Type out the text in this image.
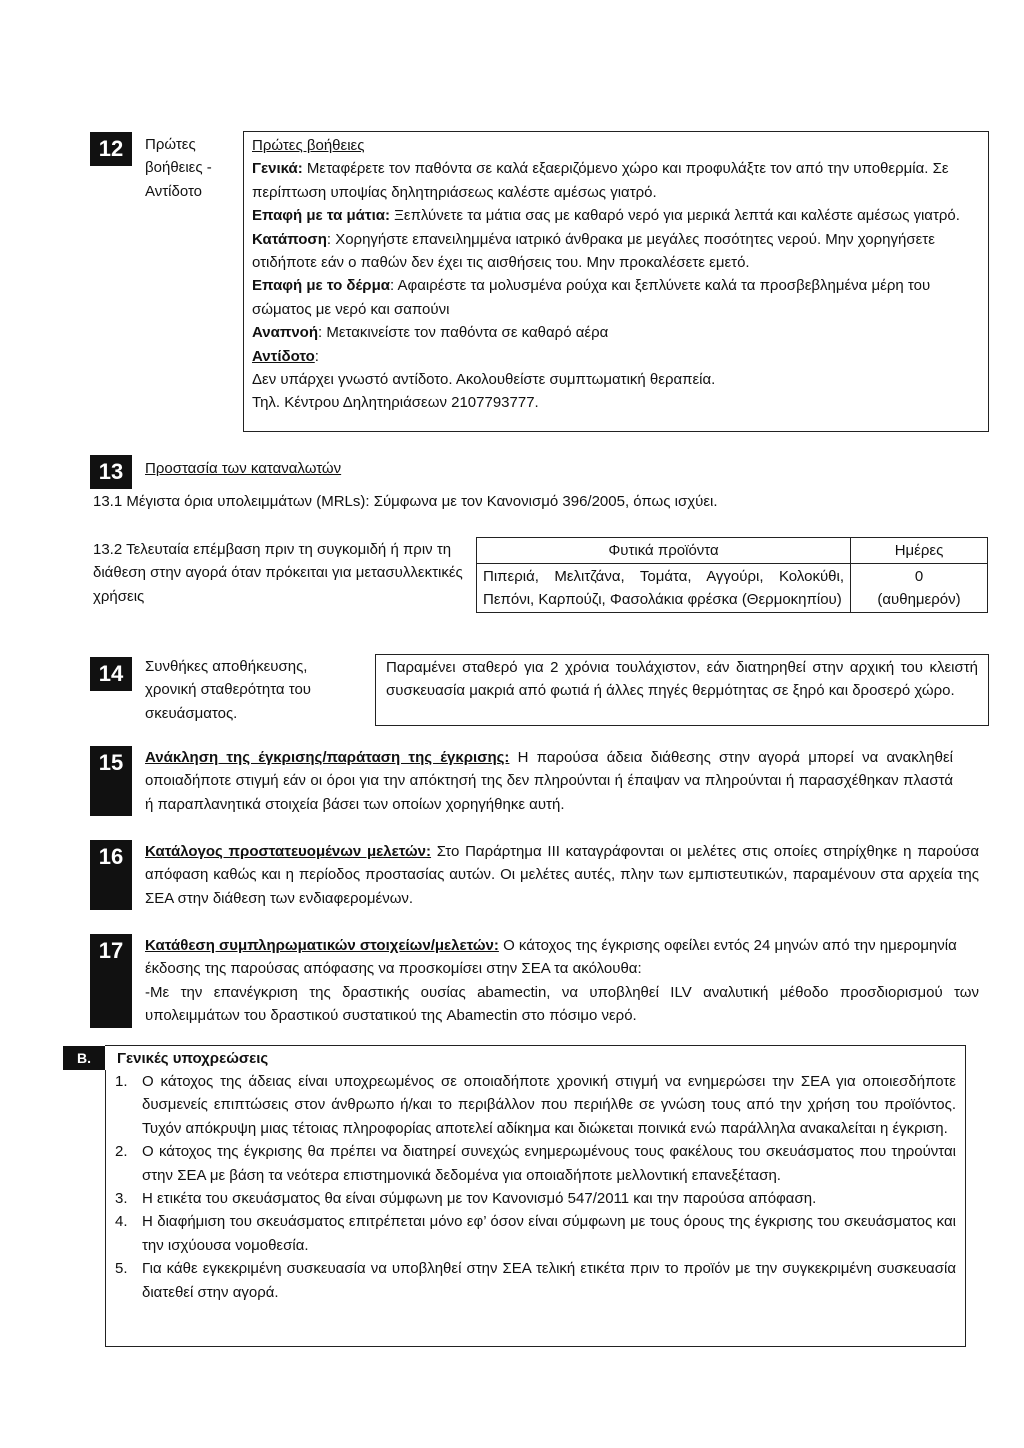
12	Πρώτες
βοήθειες -
Αντίδοτο
Πρώτες βοήθειες
Γενικά: Μεταφέρετε τον παθόντα σε καλά εξαεριζόμενο χώρο και προφυλάξτε τον από την υποθερμία. Σε περίπτωση υποψίας δηλητηριάσεως καλέστε αμέσως γιατρό.
Επαφή με τα μάτια: Ξεπλύνετε τα μάτια σας με καθαρό νερό για μερικά λεπτά και καλέστε αμέσως γιατρό.
Κατάποση: Χορηγήστε επανειλημμένα ιατρικό άνθρακα με μεγάλες ποσότητες νερού. Μην χορηγήσετε οτιδήποτε εάν ο παθών δεν έχει τις αισθήσεις του. Μην προκαλέσετε εμετό.
Επαφή με το δέρμα: Αφαιρέστε τα μολυσμένα ρούχα και ξεπλύνετε καλά τα προσβεβλημένα μέρη του σώματος με νερό και σαπούνι
Αναπνοή: Μετακινείστε τον παθόντα σε καθαρό αέρα
Αντίδοτο:
Δεν υπάρχει γνωστό αντίδοτο. Ακολουθείστε συμπτωματική θεραπεία.
Τηλ. Κέντρου Δηλητηριάσεων 2107793777.
13	Προστασία των καταναλωτών
13.1 Μέγιστα όρια υπολειμμάτων (MRLs): Σύμφωνα με τον Κανονισμό 396/2005, όπως ισχύει.
13.2 Τελευταία επέμβαση πριν τη συγκομιδή ή πριν τη διάθεση στην αγορά όταν πρόκειται για μετασυλλεκτικές χρήσεις
Φυτικά προϊόντα	Ημέρες
Πιπεριά, Μελιτζάνα, Τομάτα, Αγγούρι, Κολοκύθι, Πεπόνι, Καρπούζι, Φασολάκια φρέσκα (Θερμοκηπίου)	0
(αυθημερόν)
14	Συνθήκες αποθήκευσης, χρονική σταθερότητα του σκευάσματος.
Παραμένει σταθερό για 2 χρόνια τουλάχιστον, εάν διατηρηθεί στην αρχική του κλειστή συσκευασία μακριά από φωτιά ή άλλες πηγές θερμότητας σε ξηρό και δροσερό χώρο.
15	Ανάκληση της έγκρισης/παράταση της έγκρισης: Η παρούσα άδεια διάθεσης στην αγορά μπορεί να ανακληθεί οποιαδήποτε στιγμή εάν οι όροι για την απόκτησή της δεν πληρούνται ή έπαψαν να πληρούνται ή παρασχέθηκαν πλαστά ή παραπλανητικά στοιχεία βάσει των οποίων χορηγήθηκε αυτή.
16	Κατάλογος προστατευομένων μελετών: Στο Παράρτημα ΙΙΙ καταγράφονται οι μελέτες στις οποίες στηρίχθηκε η παρούσα απόφαση καθώς και η περίοδος προστασίας αυτών. Οι μελέτες αυτές, πλην των εμπιστευτικών, παραμένουν στα αρχεία της ΣΕΑ στην διάθεση των ενδιαφερομένων.
17	Κατάθεση συμπληρωματικών στοιχείων/μελετών: Ο κάτοχος της έγκρισης οφείλει εντός 24 μηνών από την ημερομηνία έκδοσης της παρούσας απόφασης να προσκομίσει στην ΣΕΑ τα ακόλουθα:
-Με την επανέγκριση της δραστικής ουσίας abamectin, να υποβληθεί ILV αναλυτική μέθοδο προσδιορισμού των υπολειμμάτων του δραστικού συστατικού της Abamectin στο πόσιμο νερό.
Β.	Γενικές υποχρεώσεις
1. Ο κάτοχος της άδειας είναι υποχρεωμένος σε οποιαδήποτε χρονική στιγμή να ενημερώσει την ΣΕΑ για οποιεσδήποτε δυσμενείς επιπτώσεις στον άνθρωπο ή/και το περιβάλλον που περιήλθε σε γνώση τους από την χρήση του προϊόντος. Τυχόν απόκρυψη μιας τέτοιας πληροφορίας αποτελεί αδίκημα και διώκεται ποινικά ενώ παράλληλα ανακαλείται η έγκριση.
2. Ο κάτοχος της έγκρισης θα πρέπει να διατηρεί συνεχώς ενημερωμένους τους φακέλους του σκευάσματος που τηρούνται στην ΣΕΑ με βάση τα νεότερα επιστημονικά δεδομένα για οποιαδήποτε μελλοντική επανεξέταση.
3. Η ετικέτα του σκευάσματος θα είναι σύμφωνη με τον Κανονισμό 547/2011 και την παρούσα απόφαση.
4. Η διαφήμιση του σκευάσματος επιτρέπεται μόνο εφ’ όσον είναι σύμφωνη με τους όρους της έγκρισης του σκευάσματος και την ισχύουσα νομοθεσία.
5. Για κάθε εγκεκριμένη συσκευασία να υποβληθεί στην ΣΕΑ τελική ετικέτα πριν το προϊόν με την συγκεκριμένη συσκευασία διατεθεί στην αγορά.
